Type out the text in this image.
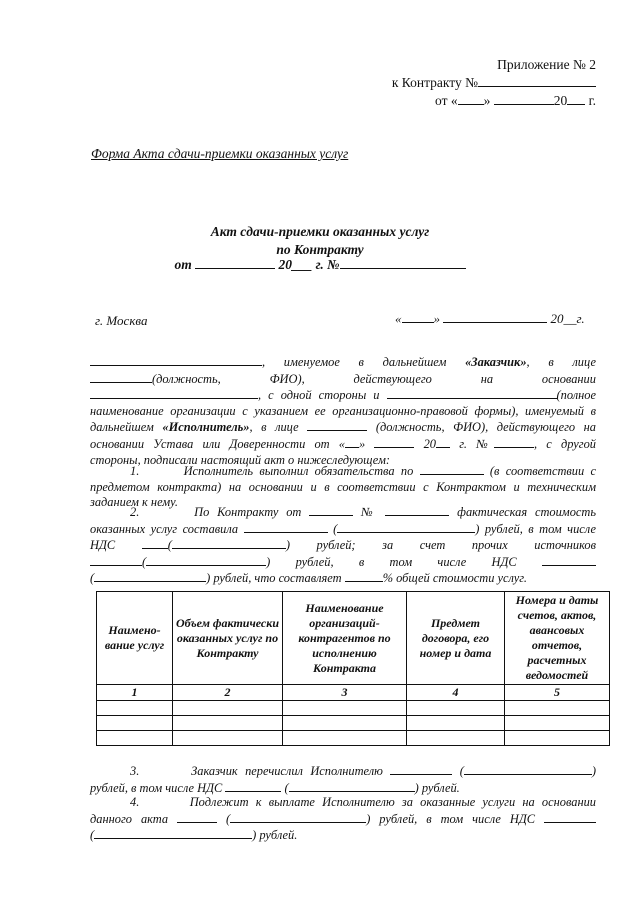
Приложение № 2
к Контракту №
от « »	20 г.
Форма Акта сдачи-приемки оказанных услуг
Акт сдачи-приемки оказанных услуг
по Контракту
от	20___ г. №
г. Москва	« »	20__г.
, именуемое в дальнейшем «Заказчик», в лице
(должность,	ФИО),	действующего	на	основании
, с одной стороны и	(полное
наименование организации с указанием ее организационно-правовой формы), именуемый в
дальнейшем «Исполнитель», в лице	(должность, ФИО), действующего на
основании Устава или Доверенности от « »	20 г. №	, с другой
стороны, подписали настоящий акт о нижеследующем:
1.	Исполнитель выполнил обязательства по	(в соответствии с
предметом контракта) на основании и в соответствии с Контрактом и техническим
заданием к нему.
2.	По Контракту от	№	фактическая стоимость
оказанных услуг составила	(	) рублей, в том числе
НДС	(	) рублей; за счет прочих источников
(	) рублей, в том числе НДС
(	) рублей, что составляет	% общей стоимости услуг.
Наимено-вание услуг	Объем фактически оказанных услуг по Контракту	Наименование организаций-контрагентов по исполнению Контракта	Предмет договора, его номер и дата	Номера и даты счетов, актов, авансовых отчетов, расчетных ведомостей
1	2	3	4	5

3.	Заказчик перечислил Исполнителю	(	)
рублей, в том числе НДС	(	) рублей.
4.	Подлежит к выплате Исполнителю за оказанные услуги на основании
данного акта	(	) рублей, в том числе НДС
(	) рублей.
